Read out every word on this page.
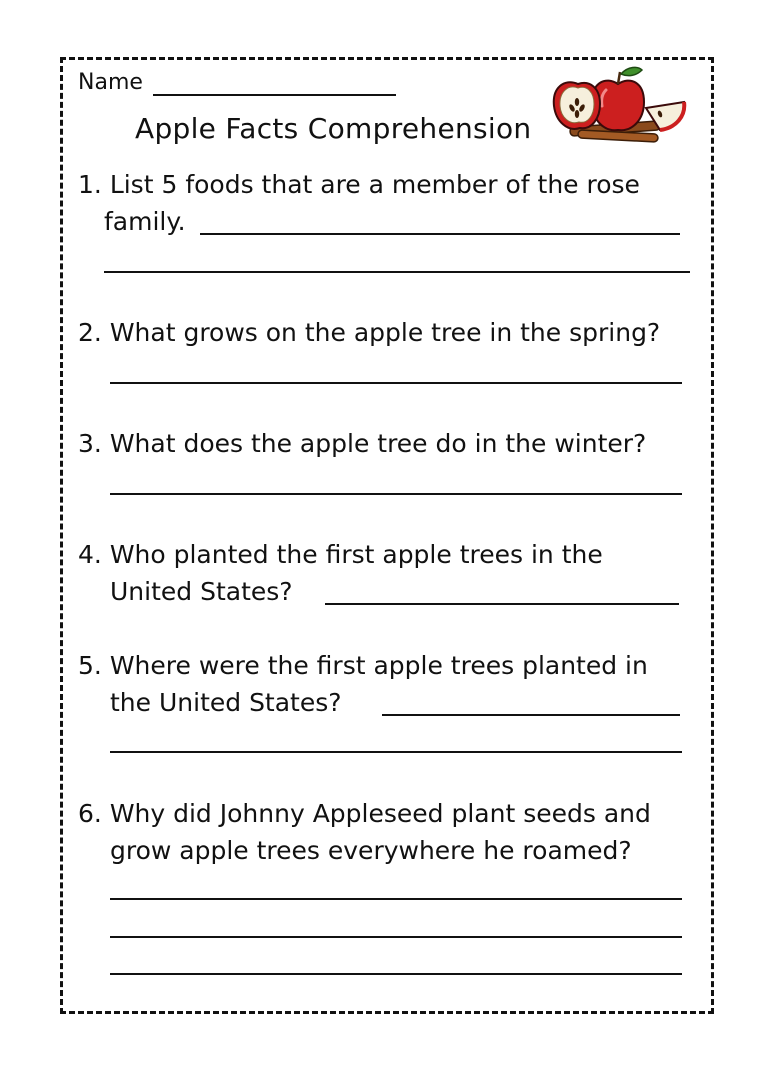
Name
Apple Facts Comprehension
1. List 5 foods that are a member of the rose
family.
2. What grows on the apple tree in the spring?
3. What does the apple tree do in the winter?
4. Who planted the first apple trees in the
United States?
5. Where were the first apple trees planted in
the United States?
6. Why did Johnny Appleseed plant seeds and
grow apple trees everywhere he roamed?
